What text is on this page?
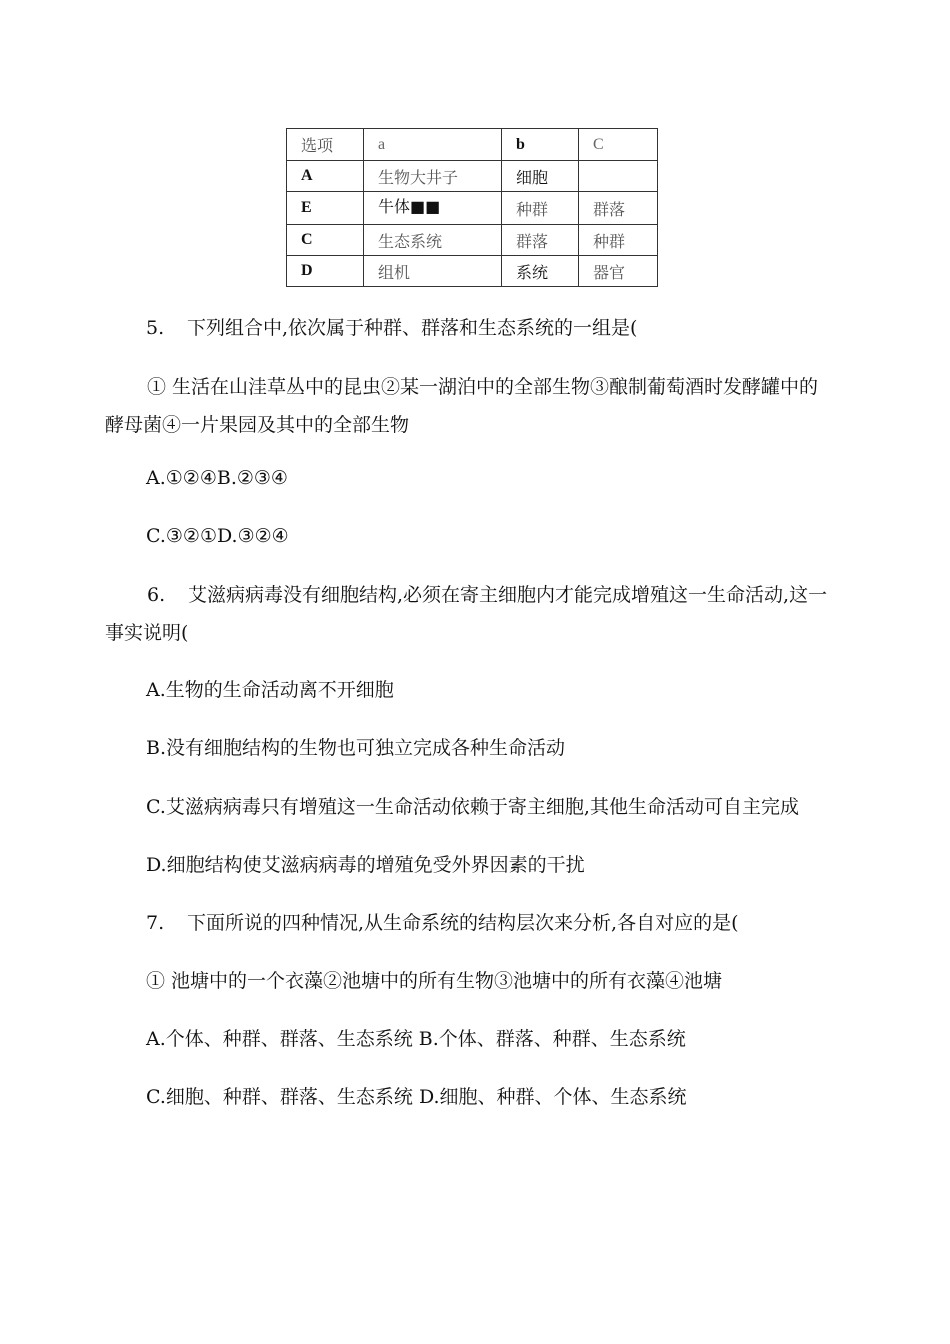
选项	a	b	C
A	生物大井子	细胞	
E	牛体■■	种群	群落
C	生态系统	群落	种群
D	组机	系统	器官
5. 下列组合中,依次属于种群、群落和生态系统的一组是(
① 生活在山洼草丛中的昆虫②某一湖泊中的全部生物③酿制葡萄酒时发酵罐中的酵母菌④一片果园及其中的全部生物
A.①②④B.②③④
C.③②①D.③②④
6. 艾滋病病毒没有细胞结构,必须在寄主细胞内才能完成增殖这一生命活动,这一事实说明(
A.生物的生命活动离不开细胞
B.没有细胞结构的生物也可独立完成各种生命活动
C.艾滋病病毒只有增殖这一生命活动依赖于寄主细胞,其他生命活动可自主完成
D.细胞结构使艾滋病病毒的增殖免受外界因素的干扰
7. 下面所说的四种情况,从生命系统的结构层次来分析,各自对应的是(
① 池塘中的一个衣藻②池塘中的所有生物③池塘中的所有衣藻④池塘
A.个体、种群、群落、生态系统 B.个体、群落、种群、生态系统
C.细胞、种群、群落、生态系统 D.细胞、种群、个体、生态系统
